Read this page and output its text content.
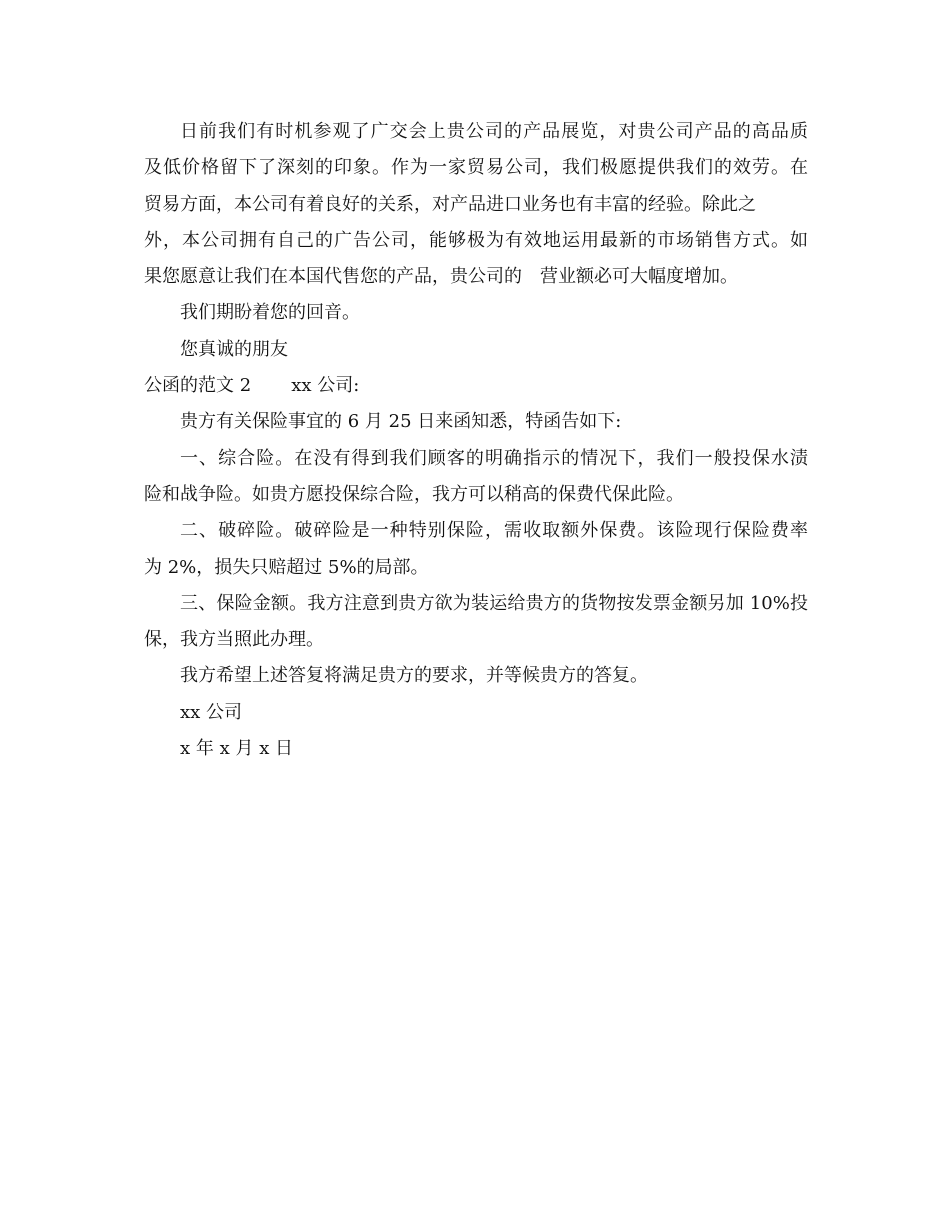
日前我们有时机参观了广交会上贵公司的产品展览，对贵公司产品的高品质
及低价格留下了深刻的印象。作为一家贸易公司，我们极愿提供我们的效劳。在
贸易方面，本公司有着良好的关系，对产品进口业务也有丰富的经验。除此之
外，本公司拥有自己的广告公司，能够极为有效地运用最新的市场销售方式。如
果您愿意让我们在本国代售您的产品，贵公司的　营业额必可大幅度增加。
我们期盼着您的回音。
您真诚的朋友
公函的范文 2 xx 公司:
贵方有关保险事宜的 6 月 25 日来函知悉，特函告如下:
一、综合险。在没有得到我们顾客的明确指示的情况下，我们一般投保水渍
险和战争险。如贵方愿投保综合险，我方可以稍高的保费代保此险。
二、破碎险。破碎险是一种特别保险，需收取额外保费。该险现行保险费率
为 2%，损失只赔超过 5%的局部。
三、保险金额。我方注意到贵方欲为装运给贵方的货物按发票金额另加 10%投
保，我方当照此办理。
我方希望上述答复将满足贵方的要求，并等候贵方的答复。
xx 公司
x 年 x 月 x 日
